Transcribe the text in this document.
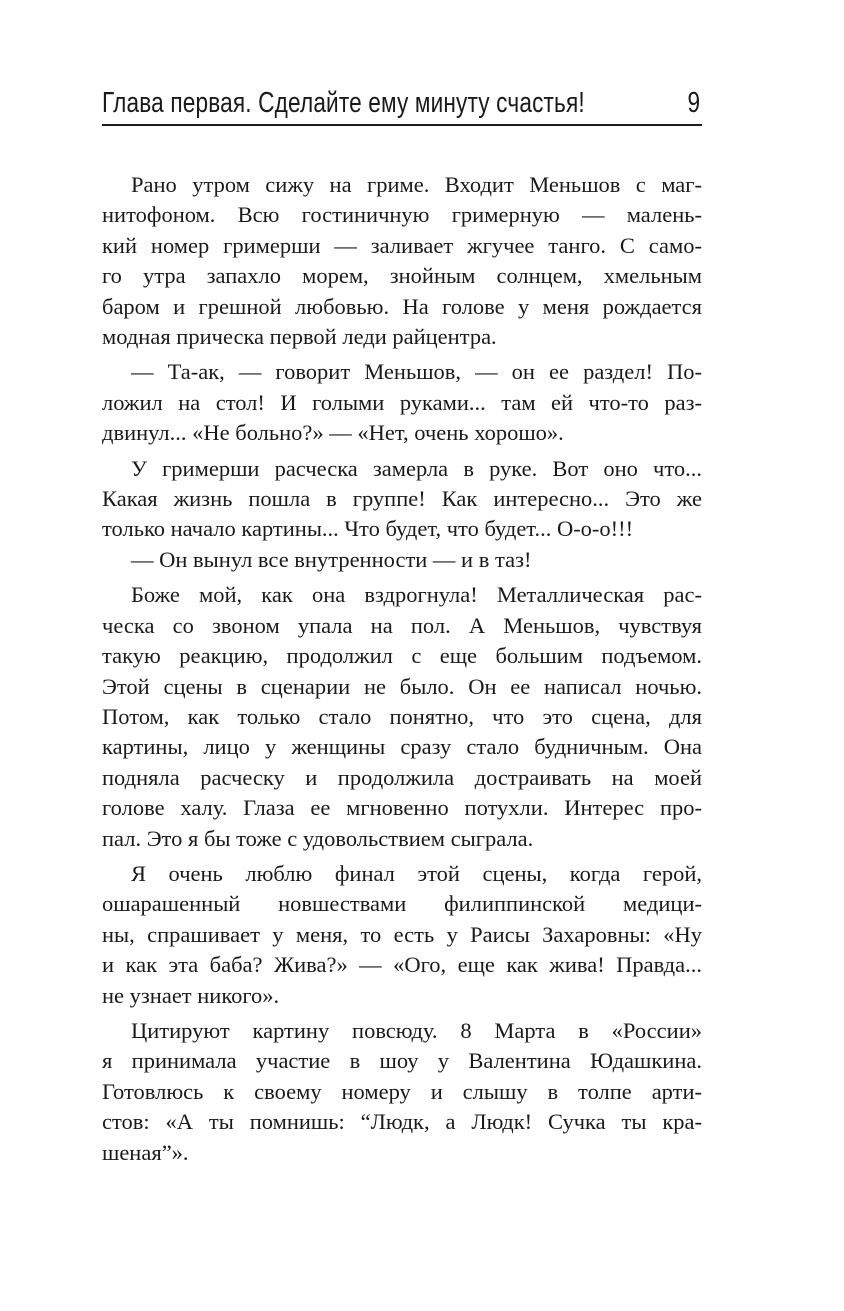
Глава первая. Сделайте ему минуту счастья!	9

Рано утром сижу на гриме. Входит Меньшов с маг-
нитофоном. Всю гостиничную гримерную — малень-
кий номер гримерши — заливает жгучее танго. С само-
го утра запахло морем, знойным солнцем, хмельным
баром и грешной любовью. На голове у меня рождается
модная прическа первой леди райцентра.

— Та-ак, — говорит Меньшов, — он ее раздел! По-
ложил на стол! И голыми руками... там ей что-то раз-
двинул... «Не больно?» — «Нет, очень хорошо».

У гримерши расческа замерла в руке. Вот оно что...
Какая жизнь пошла в группе! Как интересно... Это же
только начало картины... Что будет, что будет... О-о-о!!!

— Он вынул все внутренности — и в таз!

Боже мой, как она вздрогнула! Металлическая рас-
ческа со звоном упала на пол. А Меньшов, чувствуя
такую реакцию, продолжил с еще большим подъемом.
Этой сцены в сценарии не было. Он ее написал ночью.
Потом, как только стало понятно, что это сцена, для
картины, лицо у женщины сразу стало будничным. Она
подняла расческу и продолжила достраивать на моей
голове халу. Глаза ее мгновенно потухли. Интерес про-
пал. Это я бы тоже с удовольствием сыграла.

Я очень люблю финал этой сцены, когда герой,
ошарашенный новшествами филиппинской медици-
ны, спрашивает у меня, то есть у Раисы Захаровны: «Ну
и как эта баба? Жива?» — «Ого, еще как жива! Правда...
не узнает никого».

Цитируют картину повсюду. 8 Марта в «России»
я принимала участие в шоу у Валентина Юдашкина.
Готовлюсь к своему номеру и слышу в толпе арти-
стов: «А ты помнишь: “Людк, а Людк! Сучка ты кра-
шеная”».
